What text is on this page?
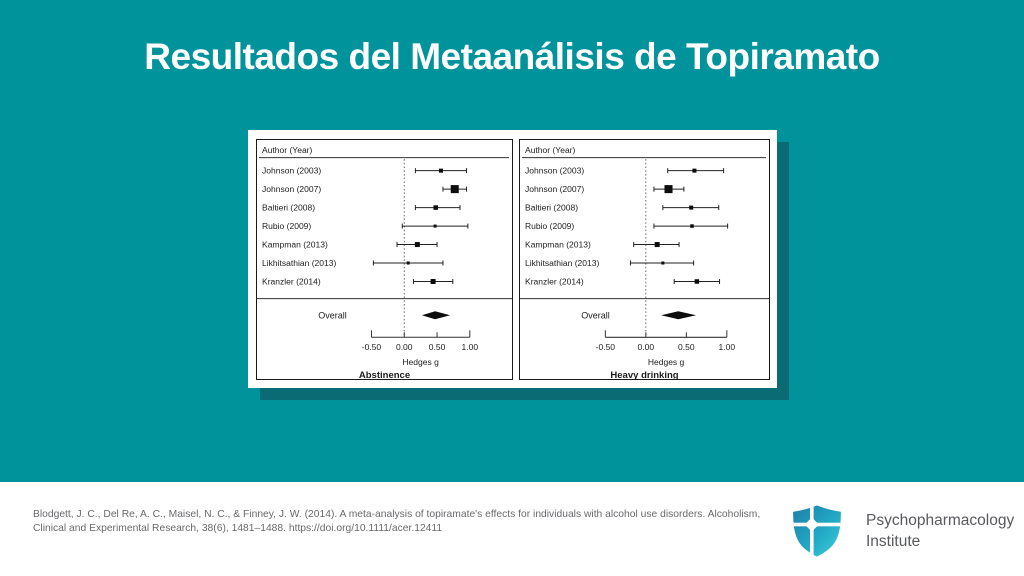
Resultados del Metaanálisis de Topiramato
Author (Year)
Johnson (2003)
Johnson (2007)
Baltieri (2008)
Rubio (2009)
Kampman (2013)
Likhitsathian (2013)
Kranzler (2014)
Overall
-0.50 0.00 0.50 1.00
Hedges g
Abstinence
Author (Year)
Johnson (2003)
Johnson (2007)
Baltieri (2008)
Rubio (2009)
Kampman (2013)
Likhitsathian (2013)
Kranzler (2014)
Overall
-0.50	0.00	0.50	1.00
Hedges g
Heavy drinking
Blodgett, J. C., Del Re, A. C., Maisel, N. C., & Finney, J. W. (2014). A meta-analysis of topiramate's effects for individuals with alcohol use disorders. Alcoholism,
Clinical and Experimental Research, 38(6), 1481–1488. https://doi.org/10.1111/acer.12411	Psychopharmacology
Institute
